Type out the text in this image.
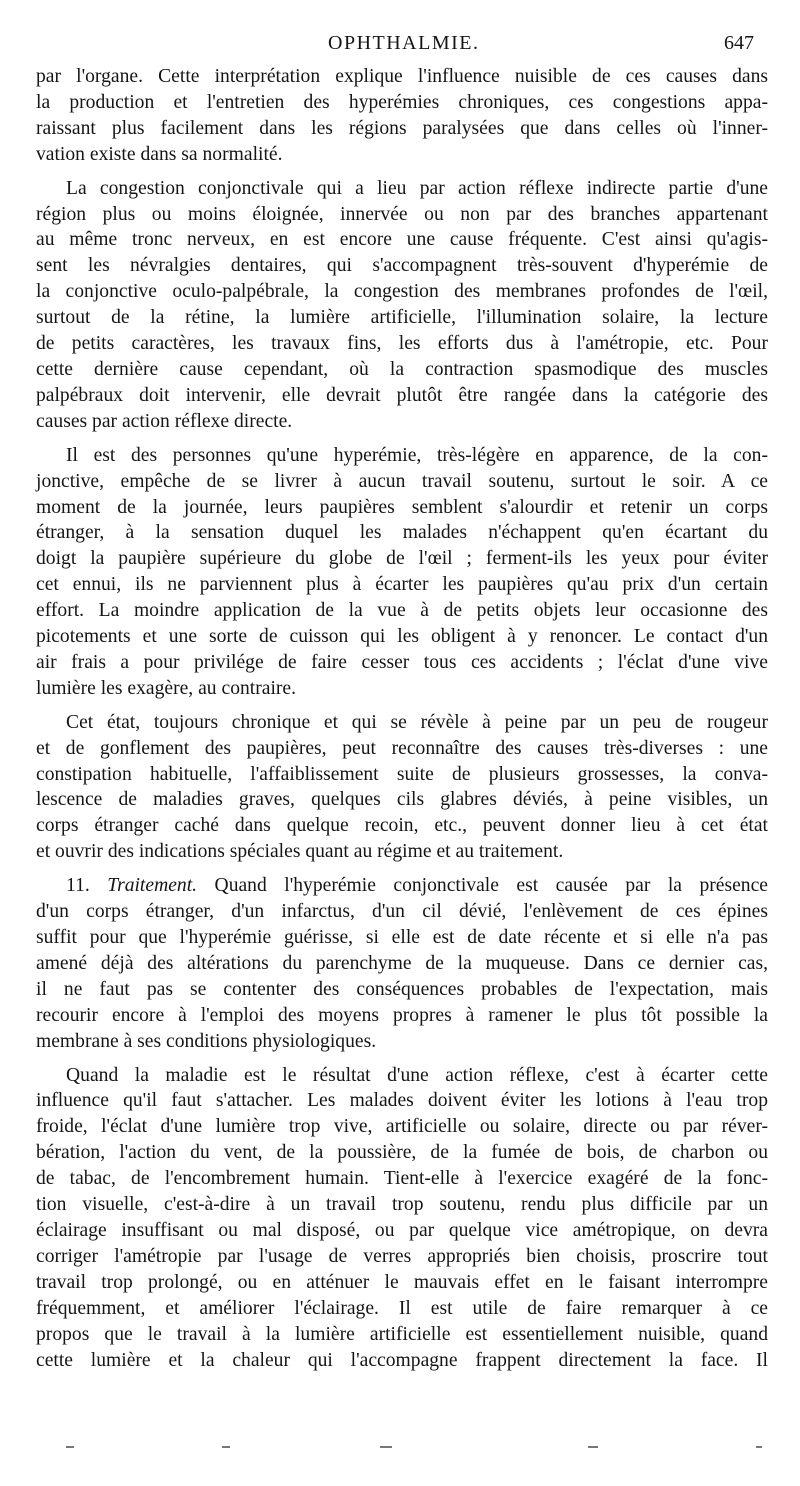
OPHTHALMIE.	647
par l'organe. Cette interprétation explique l'influence nuisible de ces causes dans
la production et l'entretien des hyperémies chroniques, ces congestions appa-
raissant plus facilement dans les régions paralysées que dans celles où l'inner-
vation existe dans sa normalité.
La congestion conjonctivale qui a lieu par action réflexe indirecte partie d'une
région plus ou moins éloignée, innervée ou non par des branches appartenant
au même tronc nerveux, en est encore une cause fréquente. C'est ainsi qu'agis-
sent les névralgies dentaires, qui s'accompagnent très-souvent d'hyperémie de
la conjonctive oculo-palpébrale, la congestion des membranes profondes de l'œil,
surtout de la rétine, la lumière artificielle, l'illumination solaire, la lecture
de petits caractères, les travaux fins, les efforts dus à l'amétropie, etc. Pour
cette dernière cause cependant, où la contraction spasmodique des muscles
palpébraux doit intervenir, elle devrait plutôt être rangée dans la catégorie des
causes par action réflexe directe.
Il est des personnes qu'une hyperémie, très-légère en apparence, de la con-
jonctive, empêche de se livrer à aucun travail soutenu, surtout le soir. A ce
moment de la journée, leurs paupières semblent s'alourdir et retenir un corps
étranger, à la sensation duquel les malades n'échappent qu'en écartant du
doigt la paupière supérieure du globe de l'œil ; ferment-ils les yeux pour éviter
cet ennui, ils ne parviennent plus à écarter les paupières qu'au prix d'un certain
effort. La moindre application de la vue à de petits objets leur occasionne des
picotements et une sorte de cuisson qui les obligent à y renoncer. Le contact d'un
air frais a pour privilége de faire cesser tous ces accidents ; l'éclat d'une vive
lumière les exagère, au contraire.
Cet état, toujours chronique et qui se révèle à peine par un peu de rougeur
et de gonflement des paupières, peut reconnaître des causes très-diverses : une
constipation habituelle, l'affaiblissement suite de plusieurs grossesses, la conva-
lescence de maladies graves, quelques cils glabres déviés, à peine visibles, un
corps étranger caché dans quelque recoin, etc., peuvent donner lieu à cet état
et ouvrir des indications spéciales quant au régime et au traitement.
11. Traitement. Quand l'hyperémie conjonctivale est causée par la présence
d'un corps étranger, d'un infarctus, d'un cil dévié, l'enlèvement de ces épines
suffit pour que l'hyperémie guérisse, si elle est de date récente et si elle n'a pas
amené déjà des altérations du parenchyme de la muqueuse. Dans ce dernier cas,
il ne faut pas se contenter des conséquences probables de l'expectation, mais
recourir encore à l'emploi des moyens propres à ramener le plus tôt possible la
membrane à ses conditions physiologiques.
Quand la maladie est le résultat d'une action réflexe, c'est à écarter cette
influence qu'il faut s'attacher. Les malades doivent éviter les lotions à l'eau trop
froide, l'éclat d'une lumière trop vive, artificielle ou solaire, directe ou par réver-
bération, l'action du vent, de la poussière, de la fumée de bois, de charbon ou
de tabac, de l'encombrement humain. Tient-elle à l'exercice exagéré de la fonc-
tion visuelle, c'est-à-dire à un travail trop soutenu, rendu plus difficile par un
éclairage insuffisant ou mal disposé, ou par quelque vice amétropique, on devra
corriger l'amétropie par l'usage de verres appropriés bien choisis, proscrire tout
travail trop prolongé, ou en atténuer le mauvais effet en le faisant interrompre
fréquemment, et améliorer l'éclairage. Il est utile de faire remarquer à ce
propos que le travail à la lumière artificielle est essentiellement nuisible, quand
cette lumière et la chaleur qui l'accompagne frappent directement la face. Il
